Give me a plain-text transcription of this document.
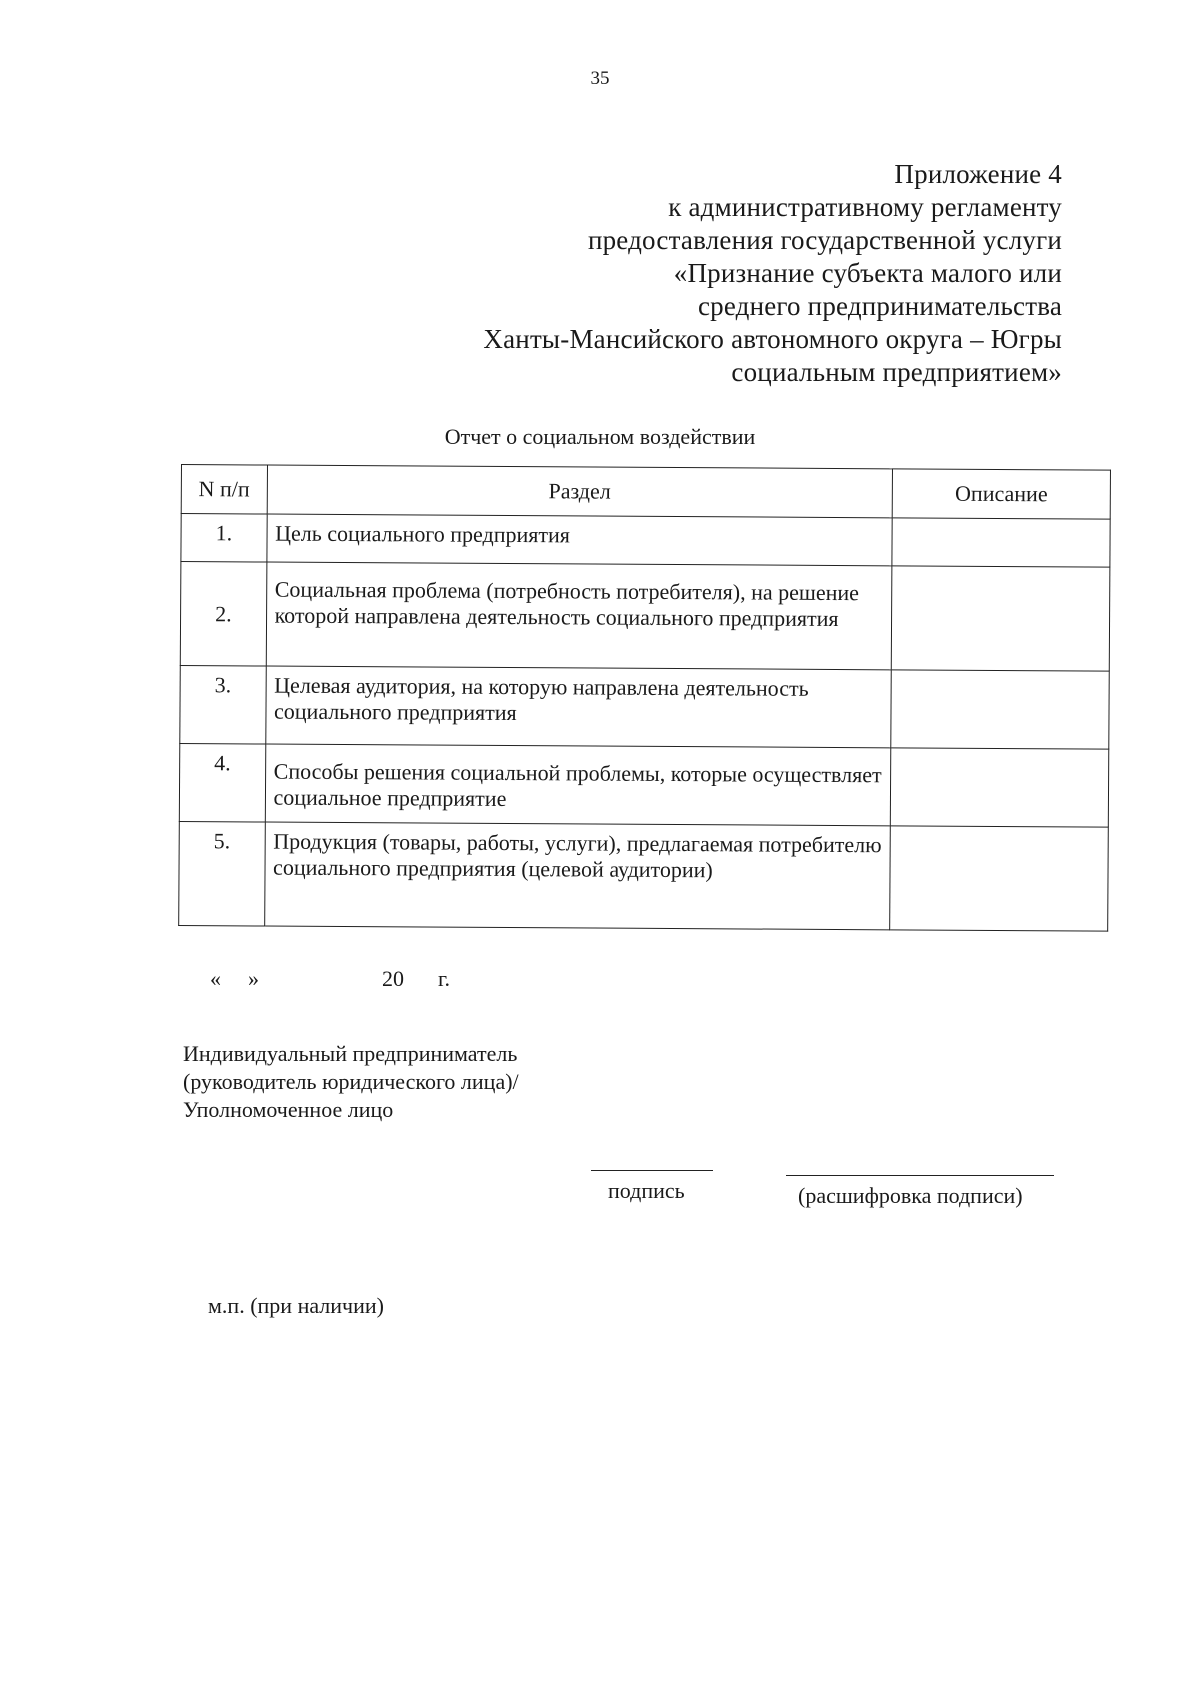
35
Приложение 4
к административному регламенту
предоставления государственной услуги
«Признание субъекта малого или
среднего предпринимательства
Ханты-Мансийского автономного округа – Югры
социальным предприятием»
Отчет о социальном воздействии
N п/п	Раздел	Описание
1.	Цель социального предприятия	
2.	Социальная проблема (потребность потребителя), на решение которой направлена деятельность социального предприятия	
3.	Целевая аудитория, на которую направлена деятельность социального предприятия	
4.	Способы решения социальной проблемы, которые осуществляет социальное предприятие	
5.	Продукция (товары, работы, услуги), предлагаемая потребителю социального предприятия (целевой аудитории)	
« »	20 г.
Индивидуальный предприниматель
(руководитель юридического лица)/
Уполномоченное лицо
подпись	(расшифровка подписи)
м.п. (при наличии)
